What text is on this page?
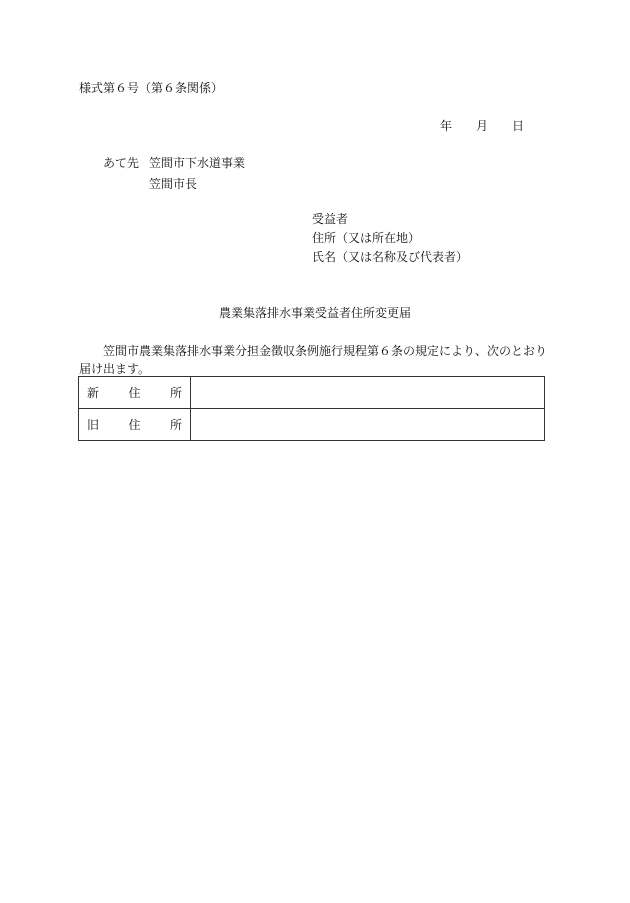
様式第６号（第６条関係）
年 月 日
あて先 笠間市下水道事業
笠間市長
受益者
住所（又は所在地）
氏名（又は名称及び代表者）
農業集落排水事業受益者住所変更届
笠間市農業集落排水事業分担金徴収条例施行規程第６条の規定により、次のとおり届け出ます。
新 住 所	

旧 住 所	
